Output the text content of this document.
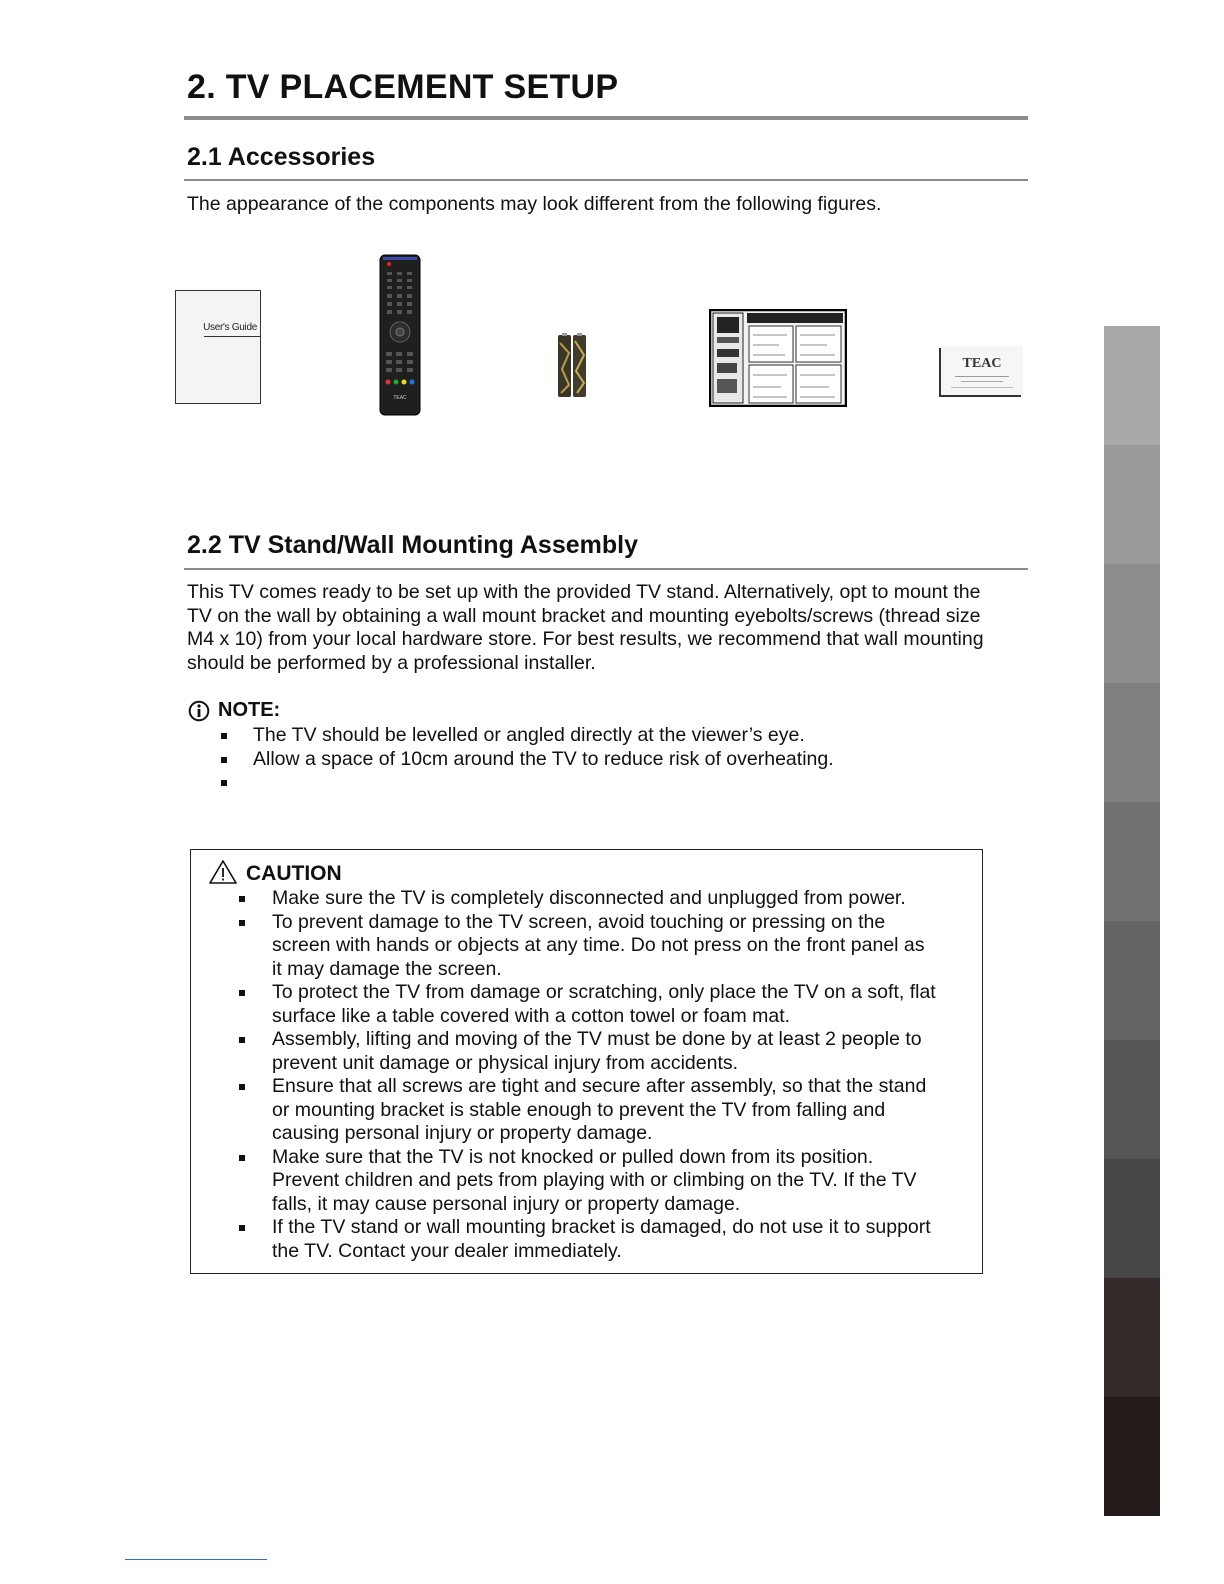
2. TV PLACEMENT SETUP
2.1 Accessories
The appearance of the components may look different from the following figures.
User's Guide
TEAC
TEAC
2.2 TV Stand/Wall Mounting Assembly
This TV comes ready to be set up with the provided TV stand. Alternatively, opt to mount the
TV on the wall by obtaining a wall mount bracket and mounting eyebolts/screws (thread size
M4 x 10) from your local hardware store. For best results, we recommend that wall mounting
should be performed by a professional installer.
NOTE:
The TV should be levelled or angled directly at the viewer’s eye.
Allow a space of 10cm around the TV to reduce risk of overheating.
CAUTION
Make sure the TV is completely disconnected and unplugged from power.
To prevent damage to the TV screen, avoid touching or pressing on the
screen with hands or objects at any time. Do not press on the front panel as
it may damage the screen.
To protect the TV from damage or scratching, only place the TV on a soft, flat
surface like a table covered with a cotton towel or foam mat.
Assembly, lifting and moving of the TV must be done by at least 2 people to
prevent unit damage or physical injury from accidents.
Ensure that all screws are tight and secure after assembly, so that the stand
or mounting bracket is stable enough to prevent the TV from falling and
causing personal injury or property damage.
Make sure that the TV is not knocked or pulled down from its position.
Prevent children and pets from playing with or climbing on the TV. If the TV
falls, it may cause personal injury or property damage.
If the TV stand or wall mounting bracket is damaged, do not use it to support
the TV. Contact your dealer immediately.
